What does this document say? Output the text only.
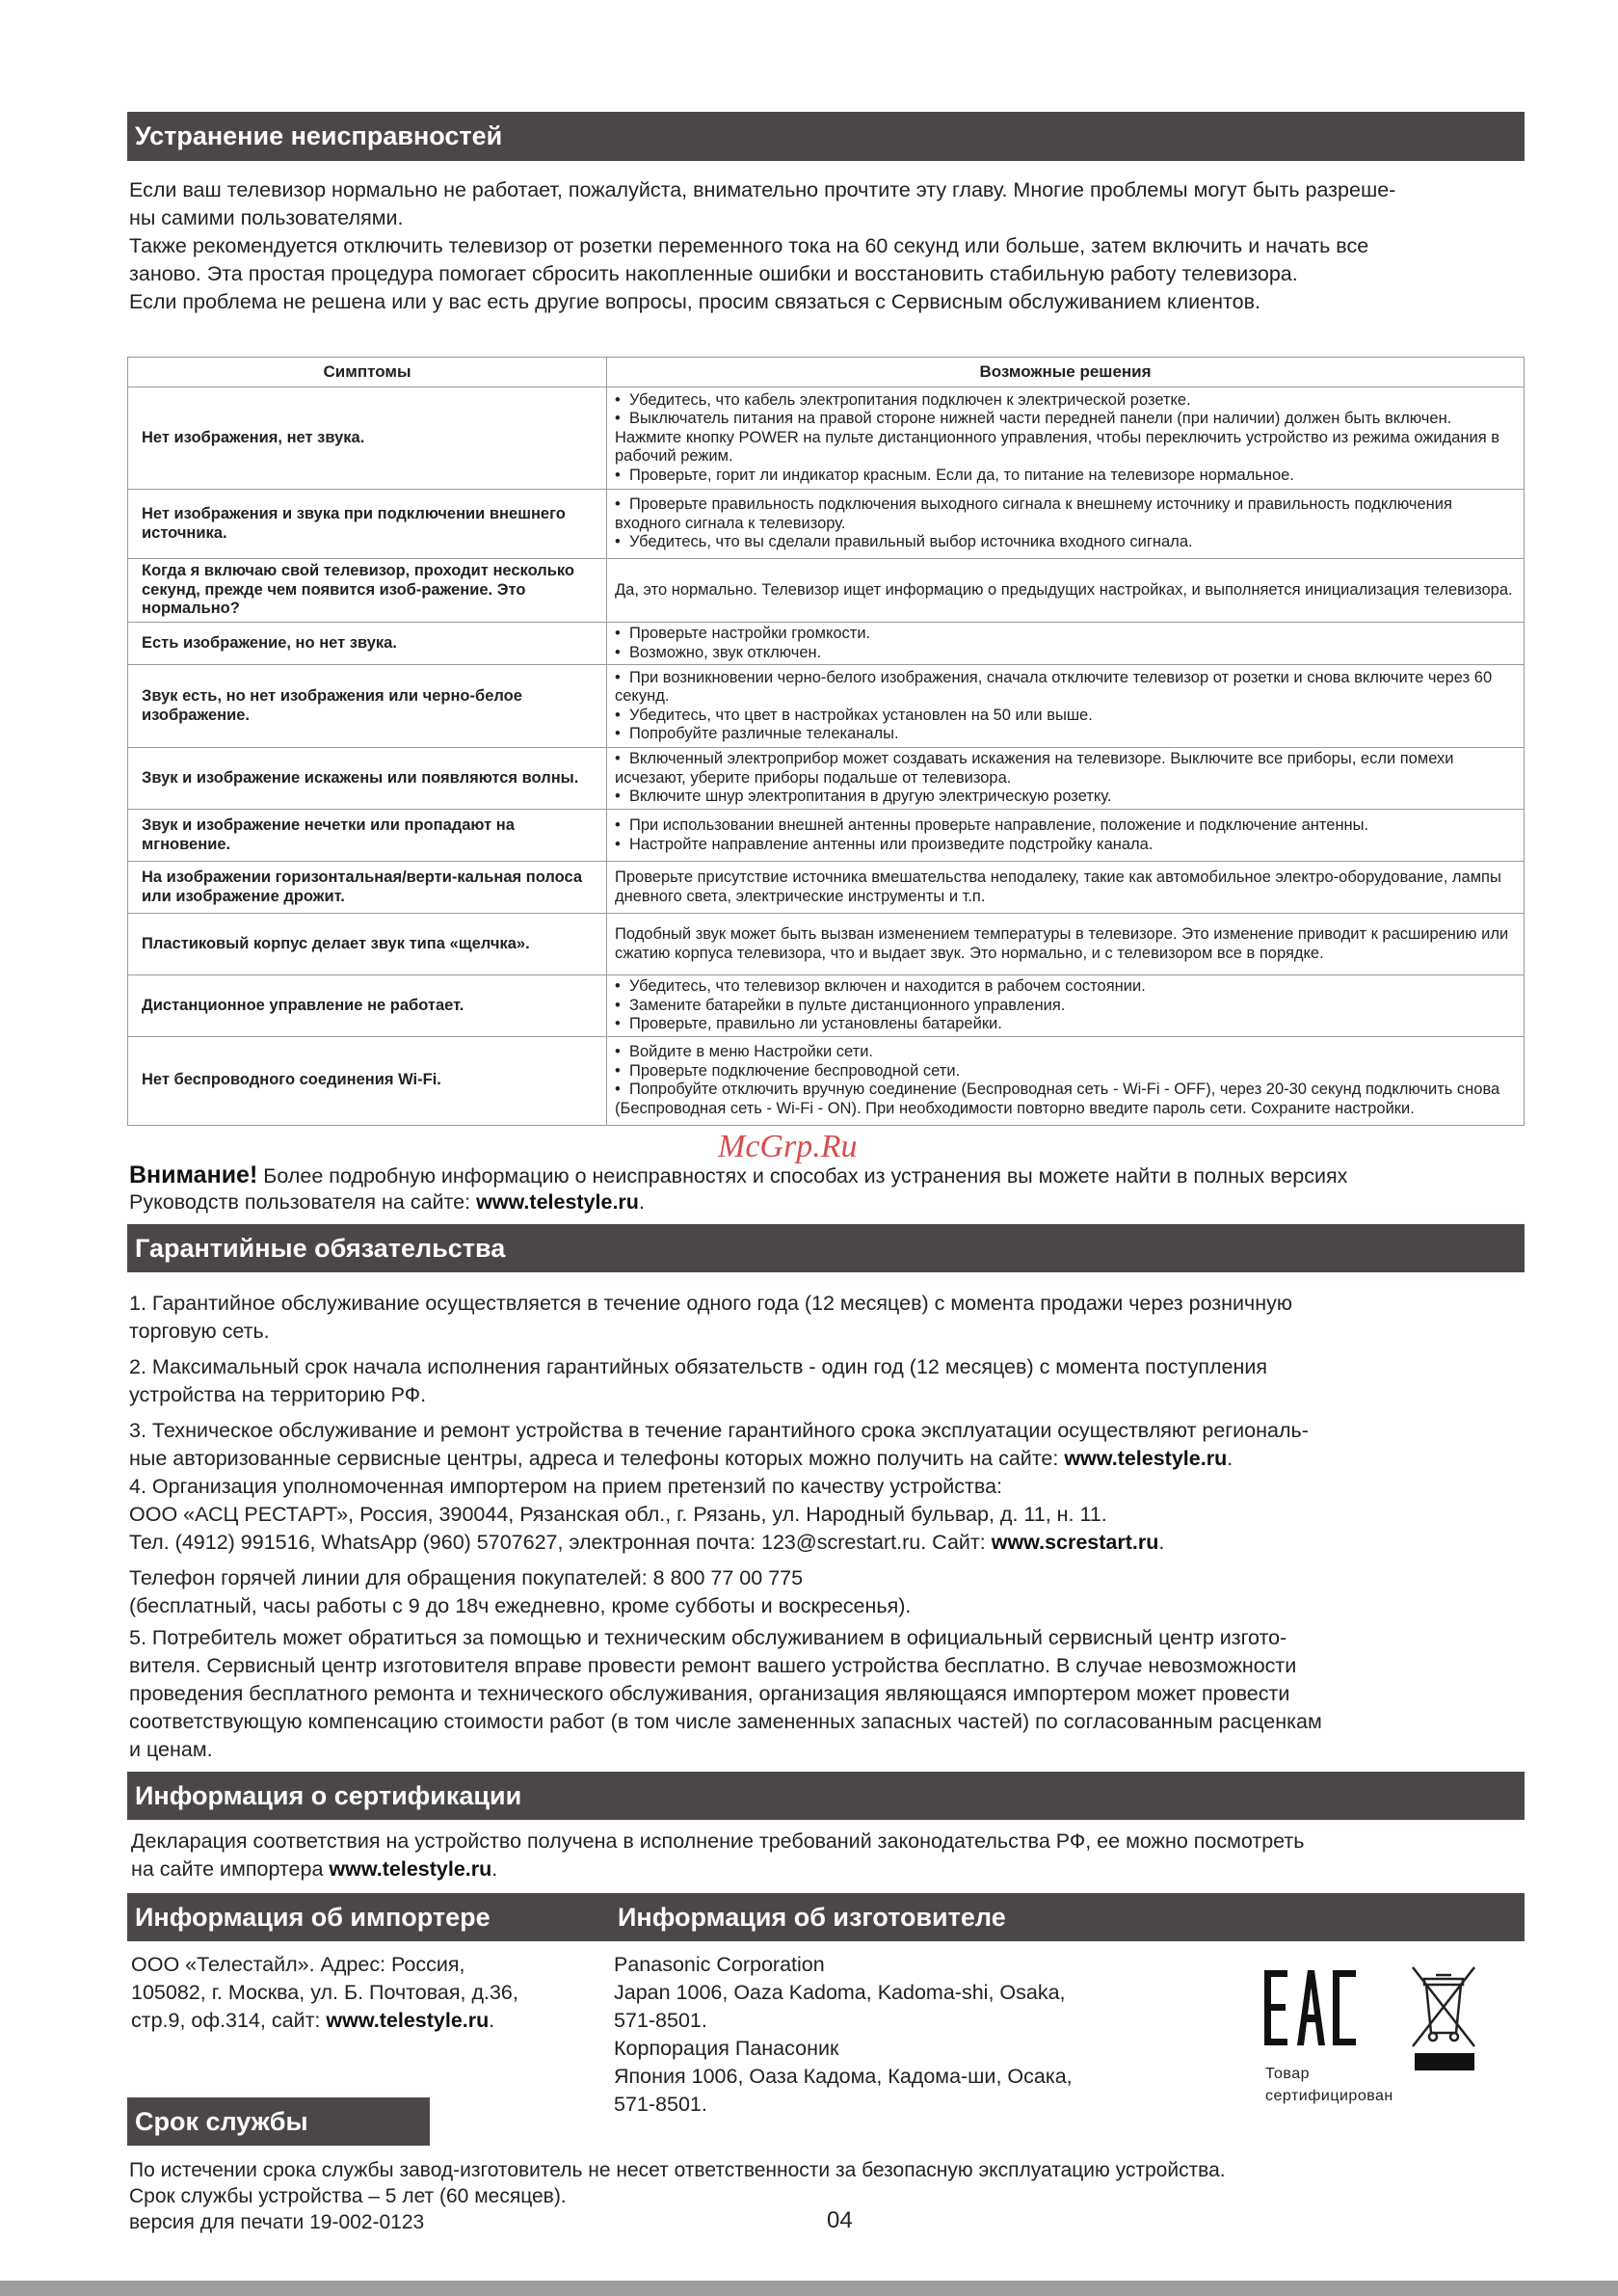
Устранение неисправностей
Если ваш телевизор нормально не работает, пожалуйста, внимательно прочтите эту главу. Многие проблемы могут быть разреше-
ны самими пользователями.
Также рекомендуется отключить телевизор от розетки переменного тока на 60 секунд или больше, затем включить и начать все
заново. Эта простая процедура помогает сбросить накопленные ошибки и восстановить стабильную работу телевизора.
Если проблема не решена или у вас есть другие вопросы, просим связаться с Сервисным обслуживанием клиентов.
Симптомы	Возможные решения
Нет изображения, нет звука.	•  Убедитесь, что кабель электропитания подключен к электрической розетке.
•  Выключатель питания на правой стороне нижней части передней панели (при наличии) должен быть включен. Нажмите кнопку POWER на пульте дистанционного управления, чтобы переключить устройство из режима ожидания в рабочий режим.
•  Проверьте, горит ли индикатор красным. Если да, то питание на телевизоре нормальное.

Нет изображения и звука при подключении внешнего источника.	•  Проверьте правильность подключения выходного сигнала к внешнему источнику и правильность подключения входного сигнала к телевизору.
•  Убедитесь, что вы сделали правильный выбор источника входного сигнала.

Когда я включаю свой телевизор, проходит несколько секунд, прежде чем появится изоб-ражение. Это нормально?	Да, это нормально. Телевизор ищет информацию о предыдущих настройках, и выполняется инициализация телевизора.
Есть изображение, но нет звука.	•  Проверьте настройки громкости.
•  Возможно, звук отключен.

Звук есть, но нет изображения или черно-белое изображение.	•  При возникновении черно-белого изображения, сначала отключите телевизор от розетки и снова включите через 60 секунд.
•  Убедитесь, что цвет в настройках установлен на 50 или выше.
•  Попробуйте различные телеканалы.

Звук и изображение искажены или появляются волны.	•  Включенный электроприбор может создавать искажения на телевизоре. Выключите все приборы, если помехи исчезают, уберите приборы подальше от телевизора.
•  Включите шнур электропитания в другую электрическую розетку.

Звук и изображение нечетки или пропадают на мгновение.	•  При использовании внешней антенны проверьте направление, положение и подключение антенны.
•  Настройте направление антенны или произведите подстройку канала.

На изображении горизонтальная/верти-кальная полоса или изображение дрожит.	Проверьте присутствие источника вмешательства неподалеку, такие как автомобильное электро-оборудование, лампы дневного света, электрические инструменты и т.п.
Пластиковый корпус делает звук типа «щелчка».	Подобный звук может быть вызван изменением температуры в телевизоре. Это изменение приводит к расширению или сжатию корпуса телевизора, что и выдает звук. Это нормально, и с телевизором все в порядке.
Дистанционное управление не работает.	•  Убедитесь, что телевизор включен и находится в рабочем состоянии.
•  Замените батарейки в пульте дистанционного управления.
•  Проверьте, правильно ли установлены батарейки.

Нет беспроводного соединения Wi-Fi.	•  Войдите в меню Настройки сети.
•  Проверьте подключение беспроводной сети.
•  Попробуйте отключить вручную соединение (Беспроводная сеть - Wi-Fi - OFF), через 20-30 секунд подключить снова (Беспроводная сеть - Wi-Fi - ON). При необходимости повторно введите пароль сети. Сохраните настройки.
Внимание! Более подробную информацию о неисправностях и способах из устранения вы можете найти в полных версиях
Руководств пользователя на сайте: www.telestyle.ru.
Гарантийные обязательства
1. Гарантийное обслуживание осуществляется в течение одного года (12 месяцев) с момента продажи через розничную
торговую сеть.
2. Максимальный срок начала исполнения гарантийных обязательств - один год (12 месяцев) с момента поступления
устройства на территорию РФ.
3. Техническое обслуживание и ремонт устройства в течение гарантийного срока эксплуатации осуществляют региональ-
ные авторизованные сервисные центры, адреса и телефоны которых можно получить на сайте: www.telestyle.ru.
4. Организация уполномоченная импортером на прием претензий по качеству устройства:
ООО «АСЦ РЕСТАРТ», Россия, 390044, Рязанская обл., г. Рязань, ул. Народный бульвар, д. 11, н. 11.
Тел. (4912) 991516, WhatsApp (960) 5707627, электронная почта: 123@screstart.ru. Сайт: www.screstart.ru.
Телефон горячей линии для обращения покупателей: 8 800 77 00 775
(бесплатный, часы работы с 9 до 18ч ежедневно, кроме субботы и воскресенья).
5. Потребитель может обратиться за помощью и техническим обслуживанием в официальный сервисный центр изгото-
вителя. Сервисный центр изготовителя вправе провести ремонт вашего устройства бесплатно. В случае невозможности
проведения бесплатного ремонта и технического обслуживания, организация являющаяся импортером может провести
соответствующую компенсацию стоимости работ (в том числе замененных запасных частей) по согласованным расценкам
и ценам.
Информация о сертификации
Декларация соответствия на устройство получена в исполнение требований законодательства РФ, ее можно посмотреть
на сайте импортера www.telestyle.ru.
Информация об импортере	Информация об изготовителе
ООО «Телестайл». Адрес: Россия,
105082, г. Москва, ул. Б. Почтовая, д.36,
стр.9, оф.314, сайт: www.telestyle.ru.
Panasonic Corporation
Japan 1006, Oaza Kadoma, Kadoma-shi, Osaka,
571-8501.
Корпорация Панасоник
Япония 1006, Оаза Кадома, Кадома-ши, Осака,
571-8501.
Товар
сертифицирован
Срок службы
По истечении срока службы завод-изготовитель не несет ответственности за безопасную эксплуатацию устройства.
Срок службы устройства – 5 лет (60 месяцев).
версия для печати 19-002-0123	04
McGrp.Ru
